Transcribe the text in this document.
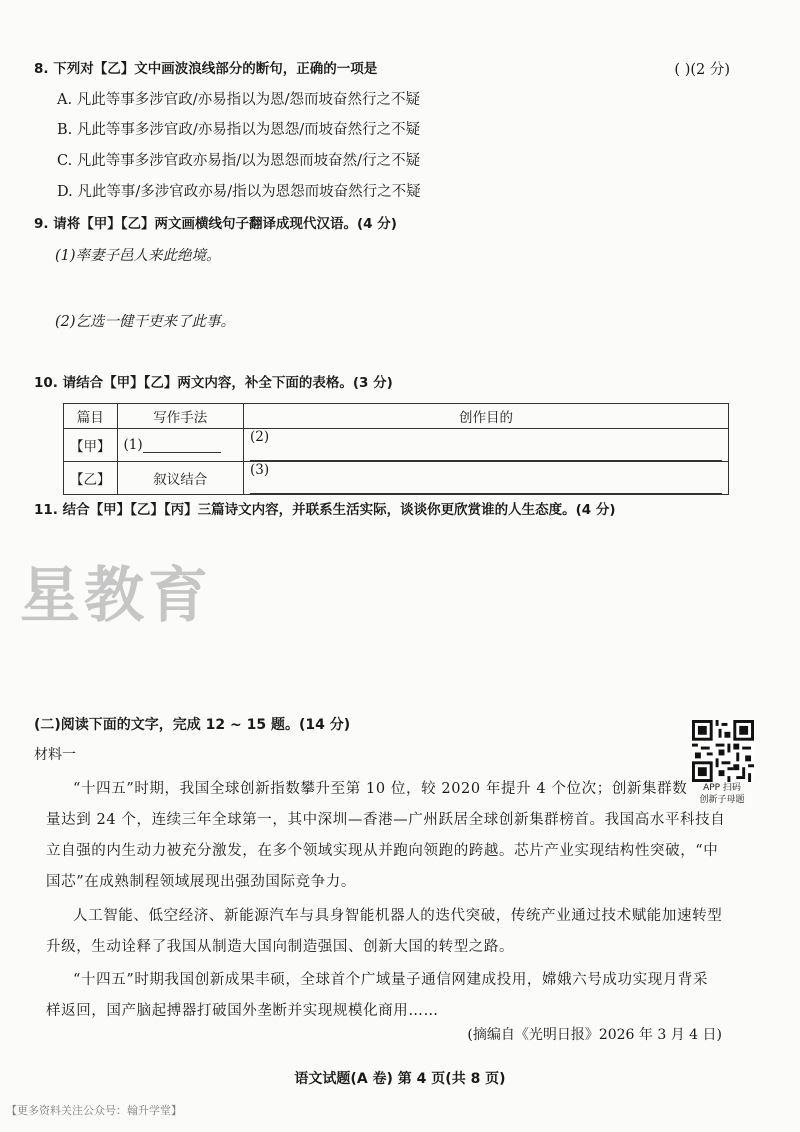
8. 下列对【乙】文中画波浪线部分的断句，正确的一项是	( )(2 分)
A. 凡此等事多涉官政/亦易指以为恩/怨而坡奋然行之不疑
B. 凡此等事多涉官政/亦易指以为恩怨/而坡奋然行之不疑
C. 凡此等事多涉官政亦易指/以为恩怨而坡奋然/行之不疑
D. 凡此等事/多涉官政亦易/指以为恩怨而坡奋然行之不疑
9. 请将【甲】【乙】两文画横线句子翻译成现代汉语。(4 分)
(1)率妻子邑人来此绝境。
(2)乞选一健干吏来了此事。
10. 请结合【甲】【乙】两文内容，补全下面的表格。(3 分)
篇目	写作手法	创作目的
【甲】	(1)	(2)
【乙】	叙议结合	(3)
11. 结合【甲】【乙】【丙】三篇诗文内容，并联系生活实际，谈谈你更欣赏谁的人生态度。(4 分)
星教育
(二)阅读下面的文字，完成 12 ~ 15 题。(14 分)
材料一
“十四五”时期，我国全球创新指数攀升至第 10 位，较 2020 年提升 4 个位次；创新集群数
量达到 24 个，连续三年全球第一，其中深圳—香港—广州跃居全球创新集群榜首。我国高水平科技自
立自强的内生动力被充分激发，在多个领域实现从并跑向领跑的跨越。芯片产业实现结构性突破，“中
国芯”在成熟制程领域展现出强劲国际竞争力。
人工智能、低空经济、新能源汽车与具身智能机器人的迭代突破，传统产业通过技术赋能加速转型
升级，生动诠释了我国从制造大国向制造强国、创新大国的转型之路。
“十四五”时期我国创新成果丰硕，全球首个广域量子通信网建成投用，嫦娥六号成功实现月背采
样返回，国产脑起搏器打破国外垄断并实现规模化商用……
(摘编自《光明日报》2026 年 3 月 4 日)
APP 扫码
创新子母题
语文试题(A 卷) 第 4 页(共 8 页)
【更多资料关注公众号：翰升学堂】
